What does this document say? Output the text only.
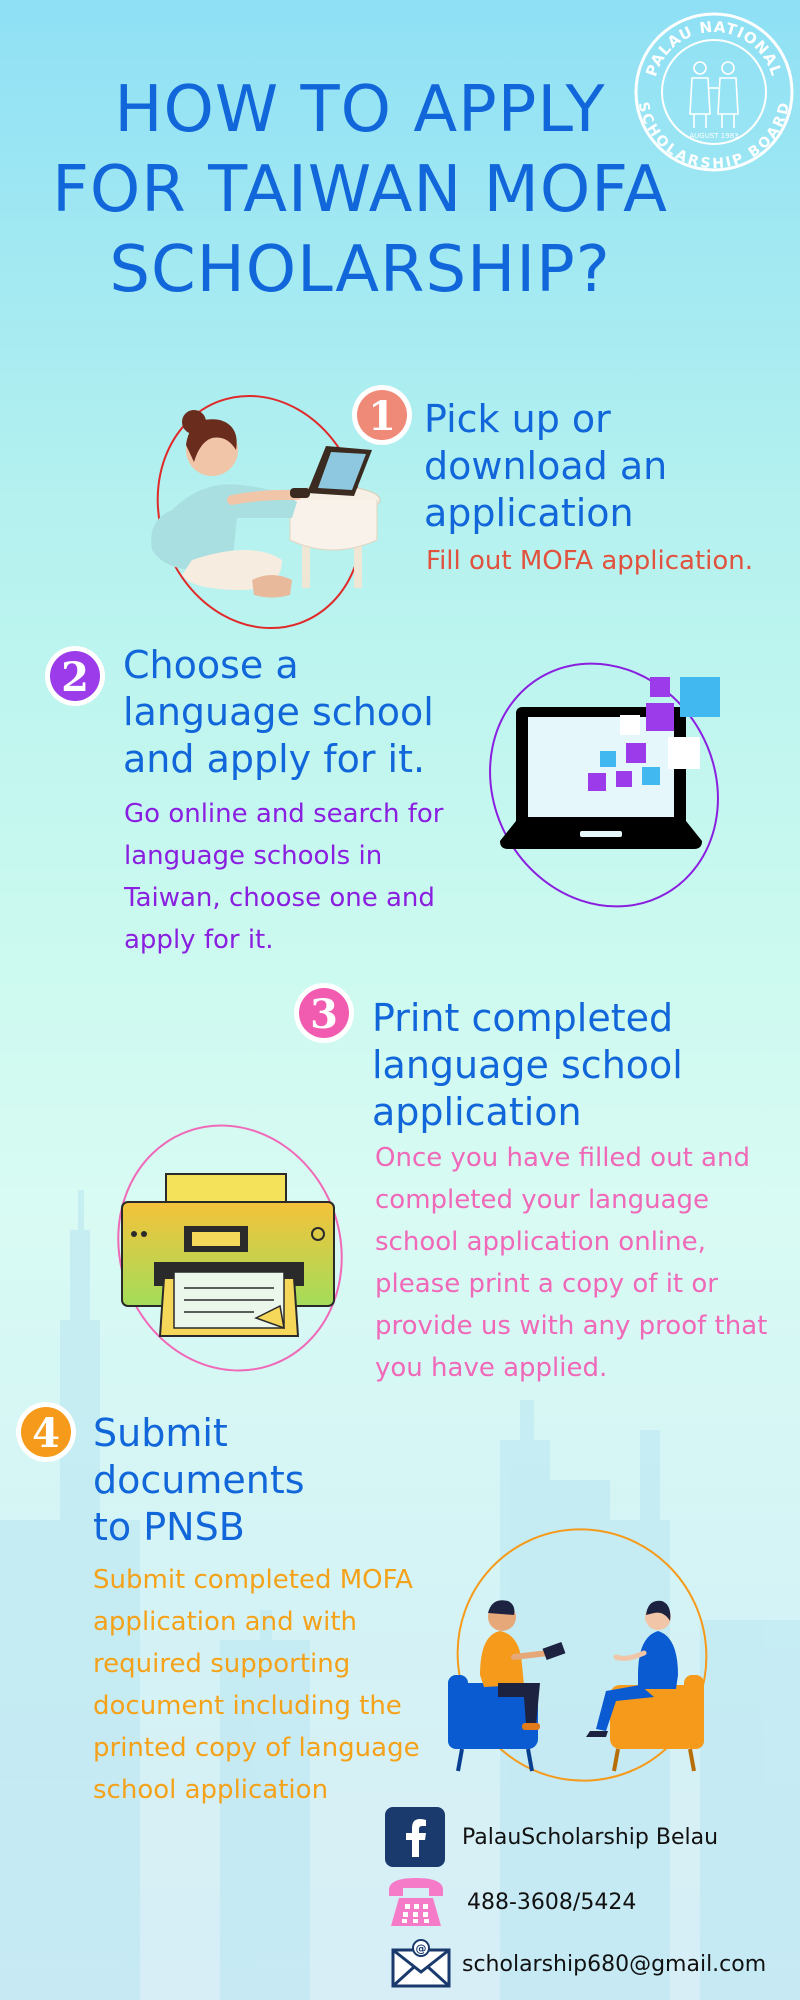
HOW TO APPLY
FOR TAIWAN MOFA
SCHOLARSHIP?
PALAU NATIONAL
SCHOLARSHIP BOARD
AUGUST 1983
1 Pick up or
download an
application

Fill out MOFA application.

2 Choose a
language school
and apply for it.

Go online and search for
language schools in
Taiwan, choose one and
apply for it.

3 Print completed
language school
application

Once you have filled out and
completed your language
school application online,
please print a copy of it or
provide us with any proof that
you have applied.

4 Submit
documents
to PNSB

Submit completed MOFA
application and with
required supporting
document including the
printed copy of language
school application

PalauScholarship Belau
488-3608/5424
@
scholarship680@gmail.com
